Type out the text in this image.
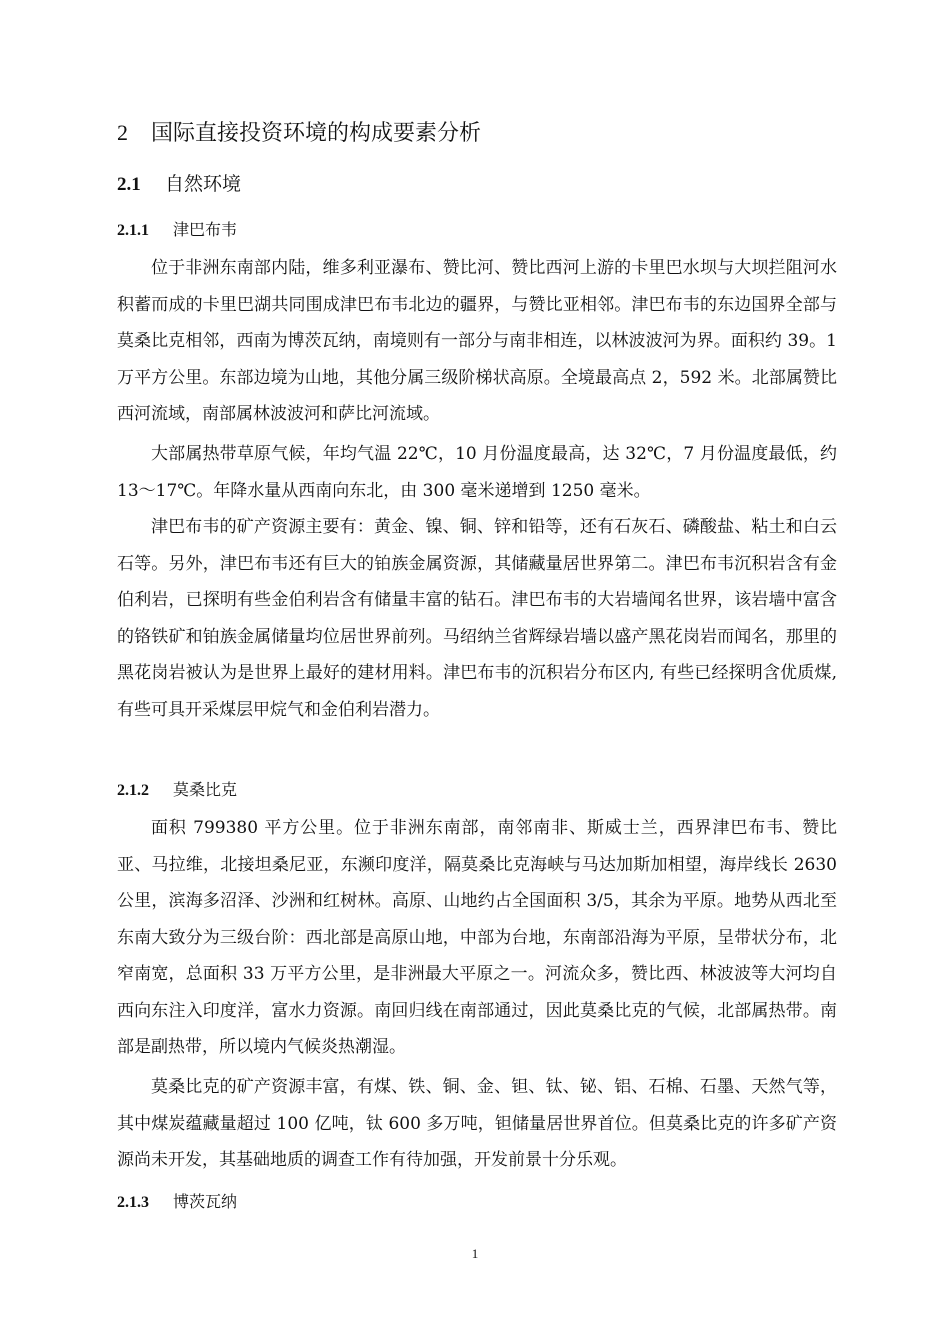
2 国际直接投资环境的构成要素分析
2.1 自然环境
2.1.1 津巴布韦

位于非洲东南部内陆，维多利亚瀑布、赞比河、赞比西河上游的卡里巴水坝与大坝拦阻河水积蓄而成的卡里巴湖共同围成津巴布韦北边的疆界，与赞比亚相邻。津巴布韦的东边国界全部与莫桑比克相邻，西南为博茨瓦纳，南境则有一部分与南非相连，以林波波河为界。面积约 39。1 万平方公里。东部边境为山地，其他分属三级阶梯状高原。全境最高点 2，592 米。北部属赞比西河流域，南部属林波波河和萨比河流域。

大部属热带草原气候，年均气温 22℃，10 月份温度最高，达 32℃，7 月份温度最低，约 13～17℃。年降水量从西南向东北，由 300 毫米递增到 1250 毫米。

津巴布韦的矿产资源主要有：黄金、镍、铜、锌和铅等，还有石灰石、磷酸盐、粘土和白云石等。另外，津巴布韦还有巨大的铂族金属资源，其储藏量居世界第二。津巴布韦沉积岩含有金伯利岩，已探明有些金伯利岩含有储量丰富的钻石。津巴布韦的大岩墙闻名世界，该岩墙中富含的铬铁矿和铂族金属储量均位居世界前列。马绍纳兰省辉绿岩墙以盛产黑花岗岩而闻名，那里的黑花岗岩被认为是世界上最好的建材用料。津巴布韦的沉积岩分布区内, 有些已经探明含优质煤, 有些可具开采煤层甲烷气和金伯利岩潜力。

2.1.2 莫桑比克

面积 799380 平方公里。位于非洲东南部，南邻南非、斯威士兰，西界津巴布韦、赞比亚、马拉维，北接坦桑尼亚，东濒印度洋，隔莫桑比克海峡与马达加斯加相望，海岸线长 2630 公里，滨海多沼泽、沙洲和红树林。高原、山地约占全国面积 3/5，其余为平原。地势从西北至东南大致分为三级台阶：西北部是高原山地，中部为台地，东南部沿海为平原，呈带状分布，北窄南宽，总面积 33 万平方公里，是非洲最大平原之一。河流众多，赞比西、林波波等大河均自西向东注入印度洋，富水力资源。南回归线在南部通过，因此莫桑比克的气候，北部属热带。南部是副热带，所以境内气候炎热潮湿。

莫桑比克的矿产资源丰富，有煤、铁、铜、金、钽、钛、铋、铝、石棉、石墨、天然气等，其中煤炭蕴藏量超过 100 亿吨，钛 600 多万吨，钽储量居世界首位。但莫桑比克的许多矿产资源尚未开发，其基础地质的调查工作有待加强，开发前景十分乐观。

2.1.3 博茨瓦纳
1
